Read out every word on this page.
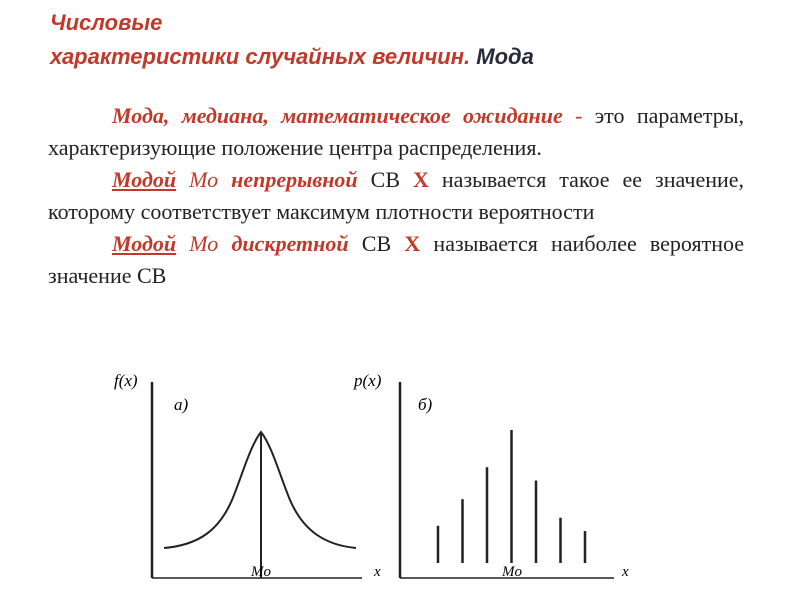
Числовые
характеристики случайных величин. Мода

Мода, медиана, математическое ожидание - это параметры, характеризующие положение центра распределения.

Модой Мо непрерывной СВ X называется такое ее значение, которому соответствует максимум плотности вероятности

Модой Мо дискретной СВ X называется наиболее вероятное значение СВ

f(x)
а)
Mo	x
p(x)
б)
Mo	x
